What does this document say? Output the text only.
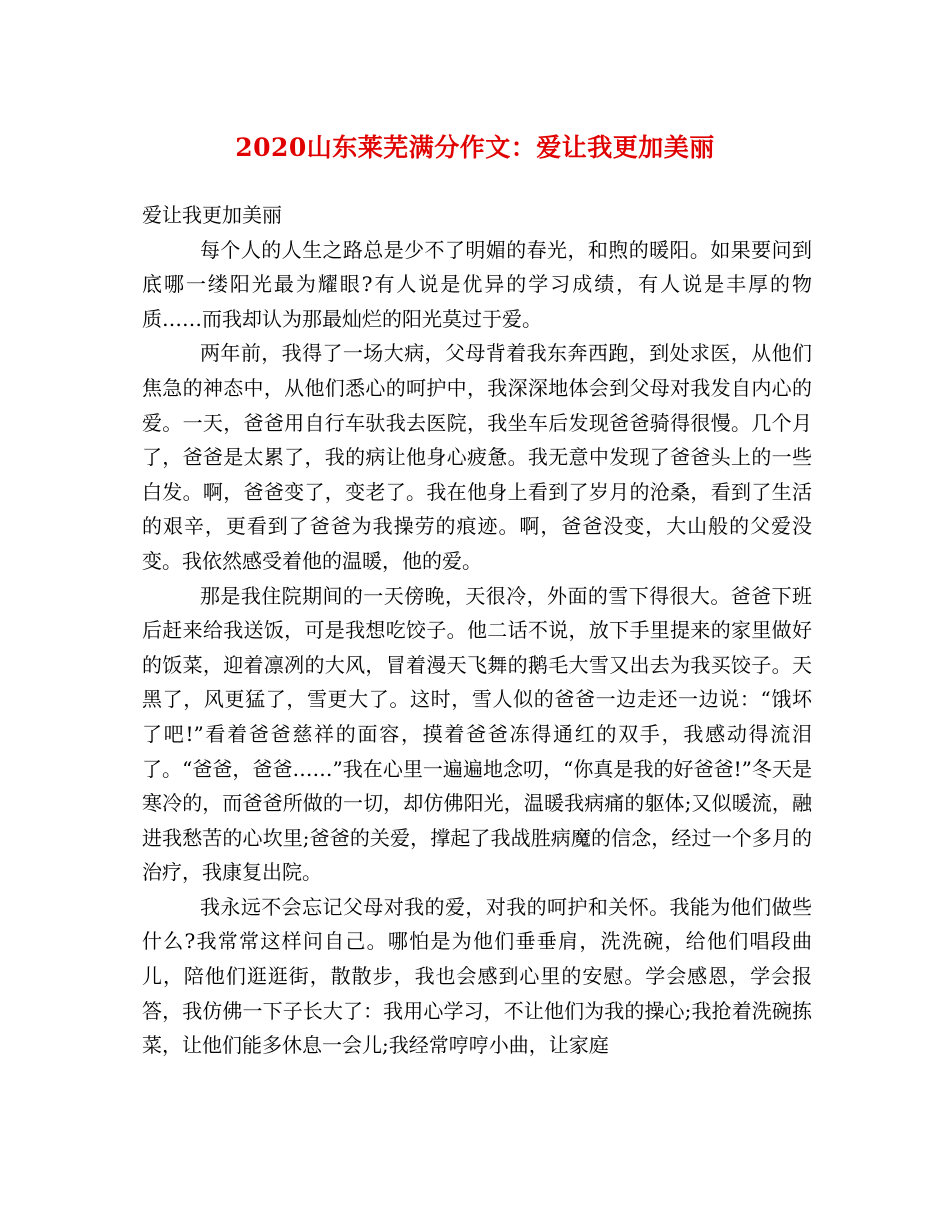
2020山东莱芜满分作文：爱让我更加美丽

爱让我更加美丽

每个人的人生之路总是少不了明媚的春光，和煦的暖阳。如果要问到底哪一缕阳光最为耀眼?有人说是优异的学习成绩，有人说是丰厚的物质……而我却认为那最灿烂的阳光莫过于爱。

两年前，我得了一场大病，父母背着我东奔西跑，到处求医，从他们焦急的神态中，从他们悉心的呵护中，我深深地体会到父母对我发自内心的爱。一天，爸爸用自行车驮我去医院，我坐车后发现爸爸骑得很慢。几个月了，爸爸是太累了，我的病让他身心疲惫。我无意中发现了爸爸头上的一些白发。啊，爸爸变了，变老了。我在他身上看到了岁月的沧桑，看到了生活的艰辛，更看到了爸爸为我操劳的痕迹。啊，爸爸没变，大山般的父爱没变。我依然感受着他的温暖，他的爱。

那是我住院期间的一天傍晚，天很冷，外面的雪下得很大。爸爸下班后赶来给我送饭，可是我想吃饺子。他二话不说，放下手里提来的家里做好的饭菜，迎着凛冽的大风，冒着漫天飞舞的鹅毛大雪又出去为我买饺子。天黑了，风更猛了，雪更大了。这时，雪人似的爸爸一边走还一边说：“饿坏了吧!”看着爸爸慈祥的面容，摸着爸爸冻得通红的双手，我感动得流泪了。“爸爸，爸爸……”我在心里一遍遍地念叨，“你真是我的好爸爸!”冬天是寒冷的，而爸爸所做的一切，却仿佛阳光，温暖我病痛的躯体;又似暖流，融进我愁苦的心坎里;爸爸的关爱，撑起了我战胜病魔的信念，经过一个多月的治疗，我康复出院。

我永远不会忘记父母对我的爱，对我的呵护和关怀。我能为他们做些什么?我常常这样问自己。哪怕是为他们垂垂肩，洗洗碗，给他们唱段曲儿，陪他们逛逛街，散散步，我也会感到心里的安慰。学会感恩，学会报答，我仿佛一下子长大了：我用心学习，不让他们为我的操心;我抢着洗碗拣菜，让他们能多休息一会儿;我经常哼哼小曲，让家庭
